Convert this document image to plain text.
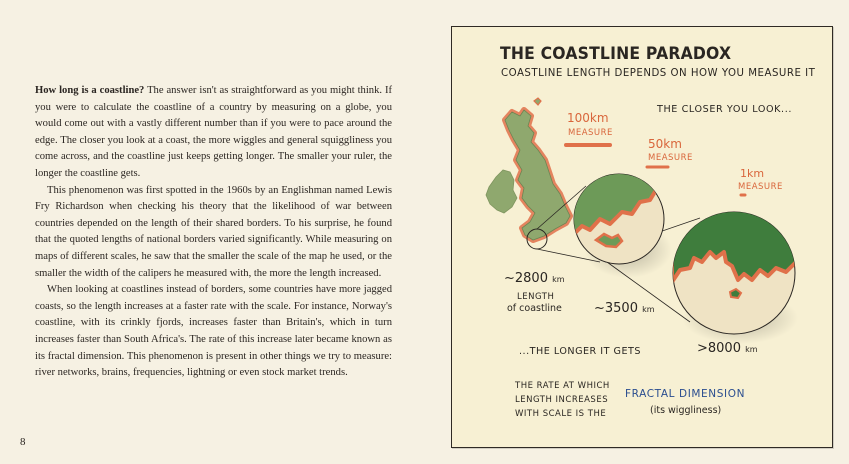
How long is a coastline? The answer isn't as straightforward as you might think. If you were to calculate the coastline of a country by measuring on a globe, you would come out with a vastly different number than if you were to pace around the edge. The closer you look at a coast, the more wiggles and general squiggliness you come across, and the coastline just keeps getting longer. The smaller your ruler, the longer the coastline gets.

This phenomenon was first spotted in the 1960s by an Englishman named Lewis Fry Richardson when checking his theory that the likelihood of war between countries depended on the length of their shared borders. To his surprise, he found that the quoted lengths of national borders varied significantly. While measuring on maps of different scales, he saw that the smaller the scale of the map he used, or the smaller the width of the calipers he measured with, the more the length increased.

When looking at coastlines instead of borders, some countries have more jagged coasts, so the length increases at a faster rate with the scale. For instance, Norway's coastline, with its crinkly fjords, increases faster than Britain's, which in turn increases faster than South Africa's. The rate of this increase later became known as its fractal dimension. This phenomenon is present in other things we try to measure: river networks, brains, frequencies, lightning or even stock market trends.

8
THE COASTLINE PARADOX
COASTLINE LENGTH DEPENDS ON HOW YOU MEASURE IT
THE CLOSER YOU LOOK...
100km
MEASURE
50km
MEASURE
1km
MEASURE
~2800 km
LENGTH
of coastline ~3500 km
...THE LONGER IT GETS	>8000 km
THE RATE AT WHICH
LENGTH INCREASES
WITH SCALE IS THE
FRACTAL DIMENSION
(its wiggliness)
